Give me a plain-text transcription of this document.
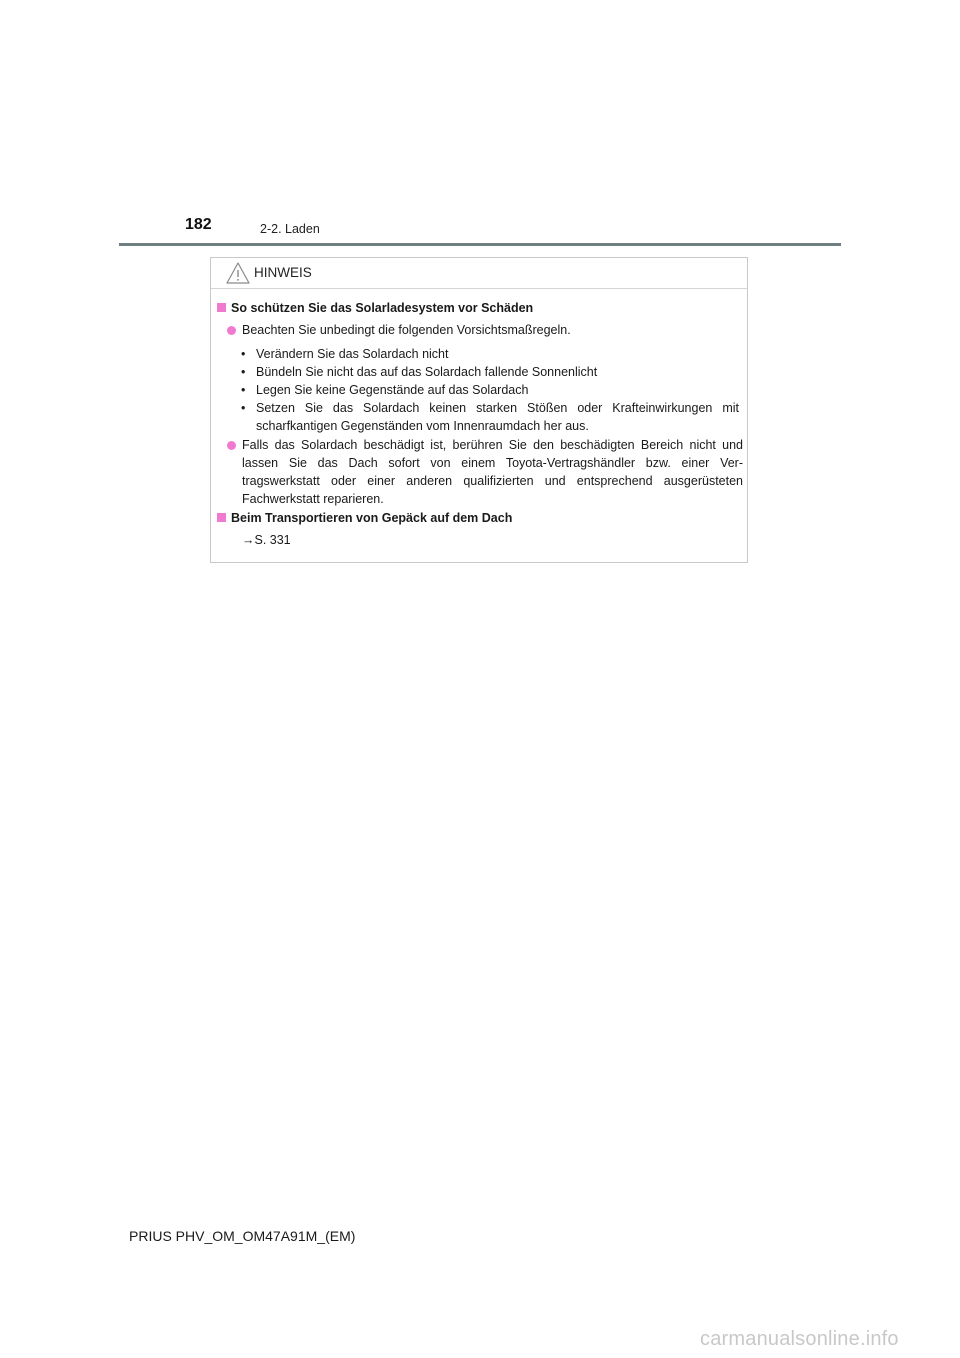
182	2-2. Laden
HINWEIS
So schützen Sie das Solarladesystem vor Schäden
Beachten Sie unbedingt die folgenden Vorsichtsmaßregeln.
• Verändern Sie das Solardach nicht
• Bündeln Sie nicht das auf das Solardach fallende Sonnenlicht
• Legen Sie keine Gegenstände auf das Solardach
• Setzen Sie das Solardach keinen starken Stößen oder Krafteinwirkungen mit scharfkantigen Gegenständen vom Innenraumdach her aus.
Falls das Solardach beschädigt ist, berühren Sie den beschädigten Bereich nicht und lassen Sie das Dach sofort von einem Toyota-Vertragshändler bzw. einer Ver-tragswerkstatt oder einer anderen qualifizierten und entsprechend ausgerüsteten Fachwerkstatt reparieren.
Beim Transportieren von Gepäck auf dem Dach
→S. 331
PRIUS PHV_OM_OM47A91M_(EM)
carmanualsonline.info
